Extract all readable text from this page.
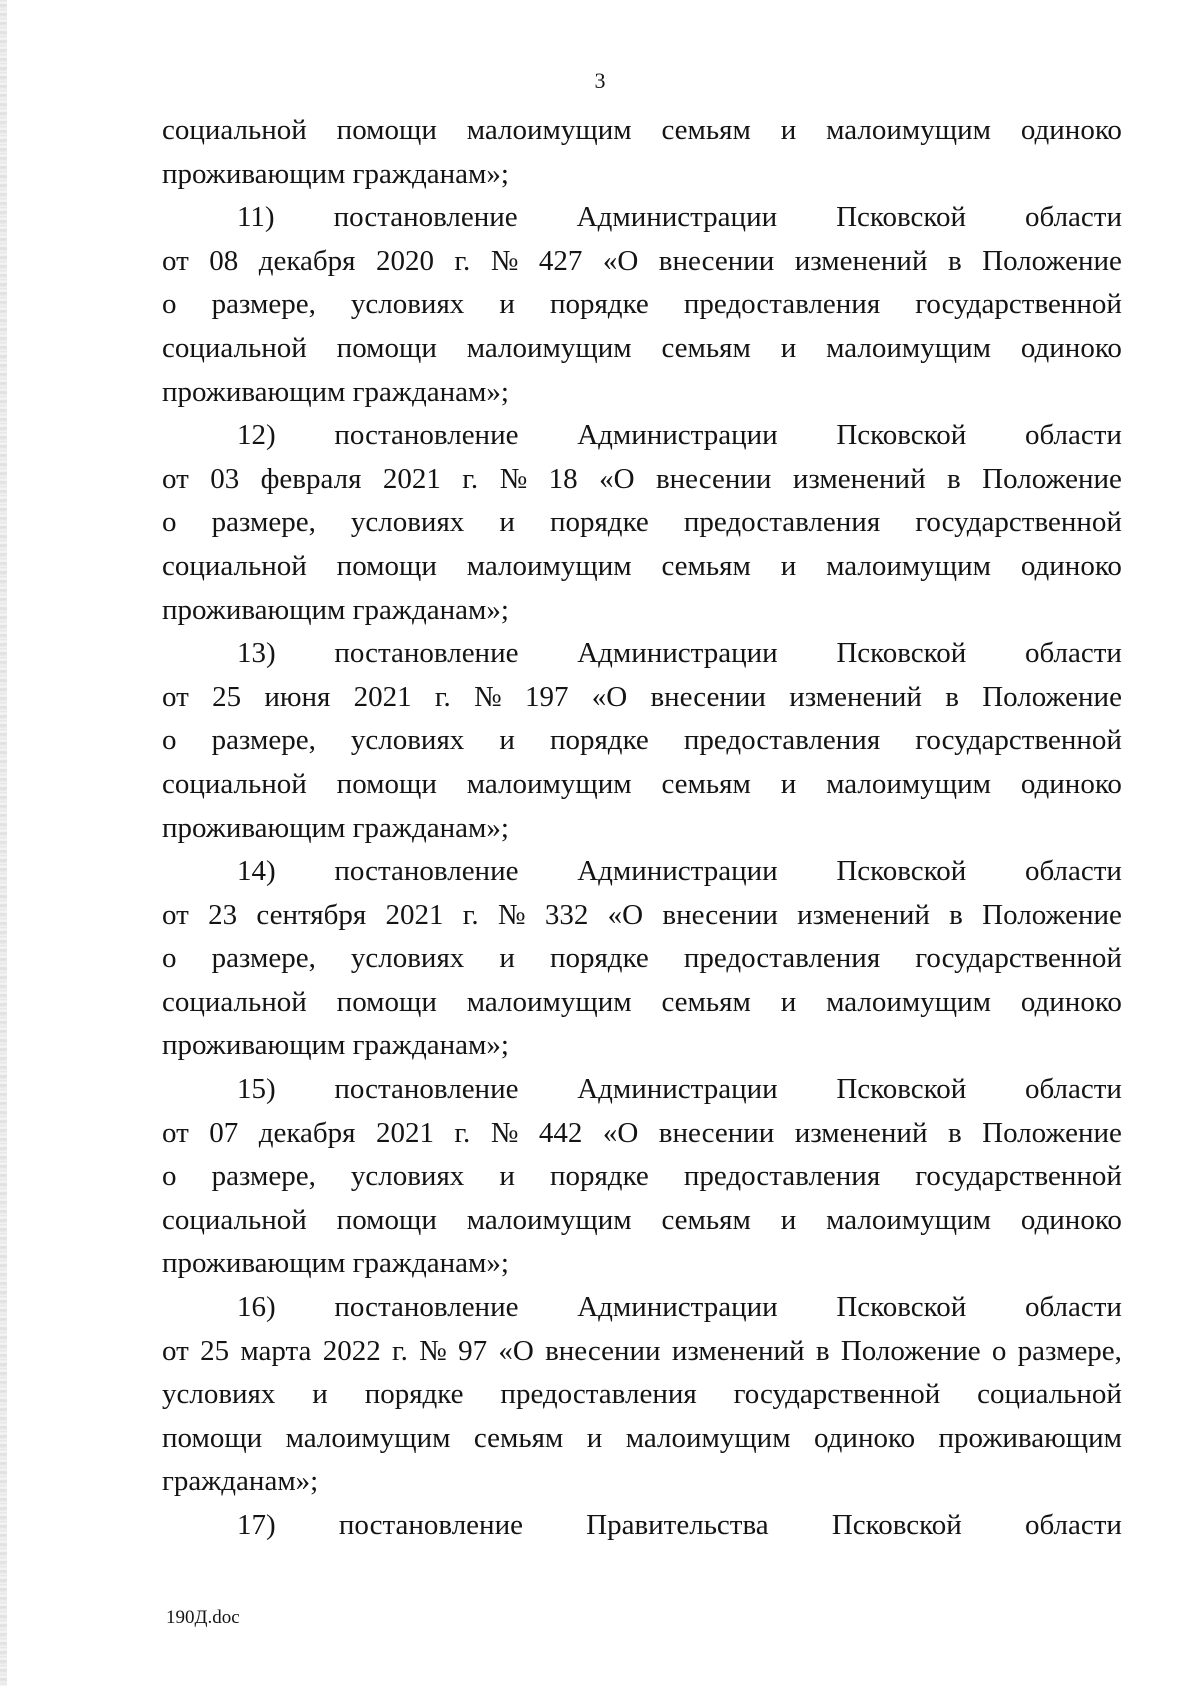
3
социальной помощи малоимущим семьям и малоимущим одиноко
проживающим гражданам»;
11) постановление Администрации Псковской области
от 08 декабря 2020 г. № 427 «О внесении изменений в Положение
о размере, условиях и порядке предоставления государственной
социальной помощи малоимущим семьям и малоимущим одиноко
проживающим гражданам»;
12) постановление Администрации Псковской области
от 03 февраля 2021 г. № 18 «О внесении изменений в Положение
о размере, условиях и порядке предоставления государственной
социальной помощи малоимущим семьям и малоимущим одиноко
проживающим гражданам»;
13) постановление Администрации Псковской области
от 25 июня 2021 г. № 197 «О внесении изменений в Положение
о размере, условиях и порядке предоставления государственной
социальной помощи малоимущим семьям и малоимущим одиноко
проживающим гражданам»;
14) постановление Администрации Псковской области
от 23 сентября 2021 г. № 332 «О внесении изменений в Положение
о размере, условиях и порядке предоставления государственной
социальной помощи малоимущим семьям и малоимущим одиноко
проживающим гражданам»;
15) постановление Администрации Псковской области
от 07 декабря 2021 г. № 442 «О внесении изменений в Положение
о размере, условиях и порядке предоставления государственной
социальной помощи малоимущим семьям и малоимущим одиноко
проживающим гражданам»;
16) постановление Администрации Псковской области
от 25 марта 2022 г. № 97 «О внесении изменений в Положение о размере,
условиях и порядке предоставления государственной социальной
помощи малоимущим семьям и малоимущим одиноко проживающим
гражданам»;
17) постановление Правительства Псковской области
190Д.doc
